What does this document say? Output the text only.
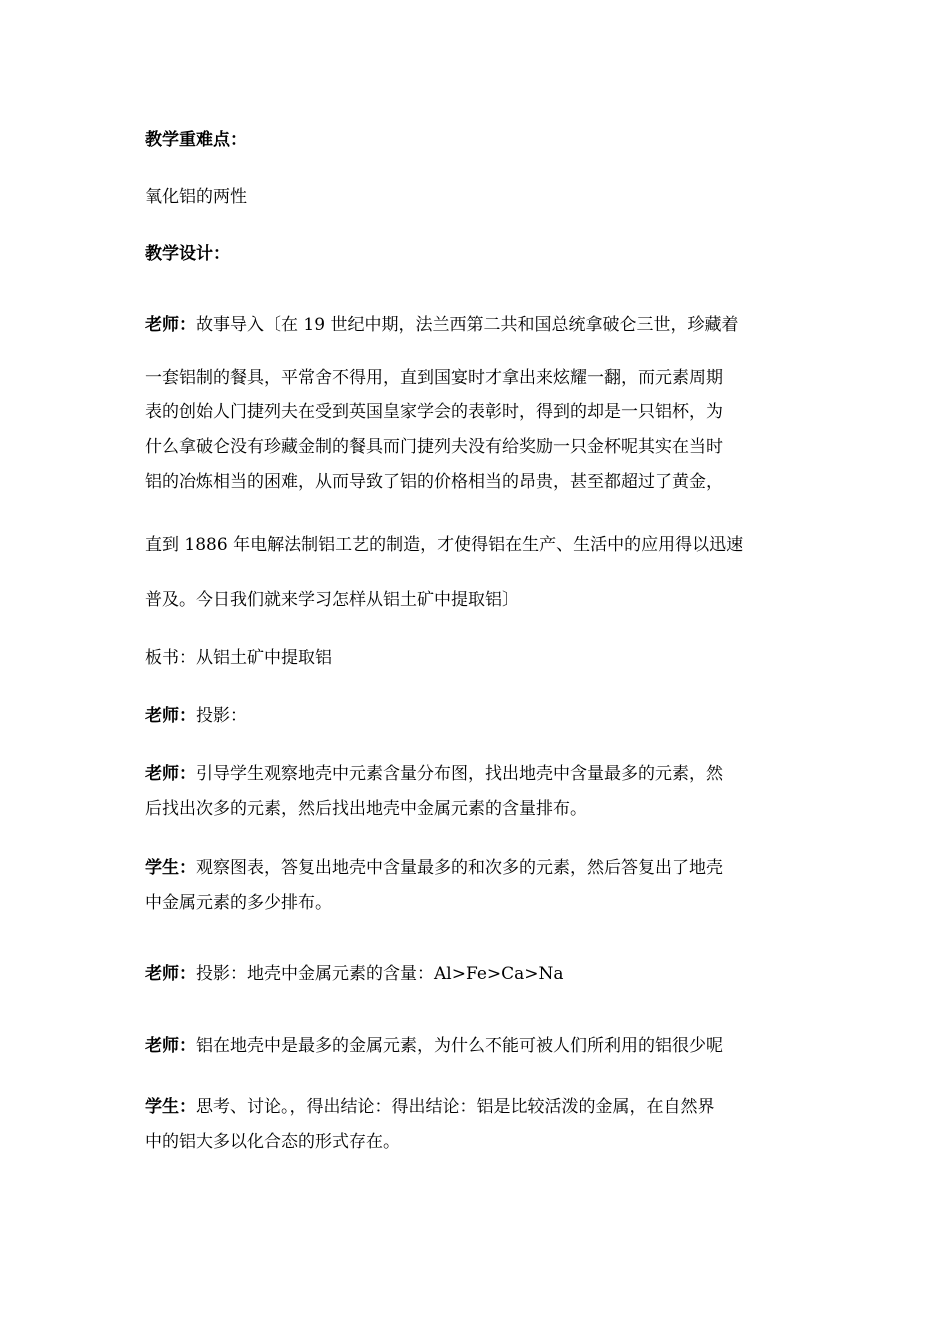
教学重难点：
氧化铝的两性
教学设计：
老师：故事导入〔在 19 世纪中期，法兰西第二共和国总统拿破仑三世，珍藏着
一套铝制的餐具，平常舍不得用，直到国宴时才拿出来炫耀一翻，而元素周期
表的创始人门捷列夫在受到英国皇家学会的表彰时，得到的却是一只铝杯，为
什么拿破仑没有珍藏金制的餐具而门捷列夫没有给奖励一只金杯呢其实在当时
铝的冶炼相当的困难，从而导致了铝的价格相当的昂贵，甚至都超过了黄金，
直到 1886 年电解法制铝工艺的制造，才使得铝在生产、生活中的应用得以迅速
普及。今日我们就来学习怎样从铝土矿中提取铝〕
板书：从铝土矿中提取铝
老师：投影：
老师：引导学生观察地壳中元素含量分布图，找出地壳中含量最多的元素，然
后找出次多的元素，然后找出地壳中金属元素的含量排布。
学生：观察图表，答复出地壳中含量最多的和次多的元素，然后答复出了地壳
中金属元素的多少排布。
老师：投影：地壳中金属元素的含量：Al>Fe>Ca>Na
老师：铝在地壳中是最多的金属元素，为什么不能可被人们所利用的铝很少呢
学生：思考、讨论。，得出结论：得出结论：铝是比较活泼的金属，在自然界
中的铝大多以化合态的形式存在。
